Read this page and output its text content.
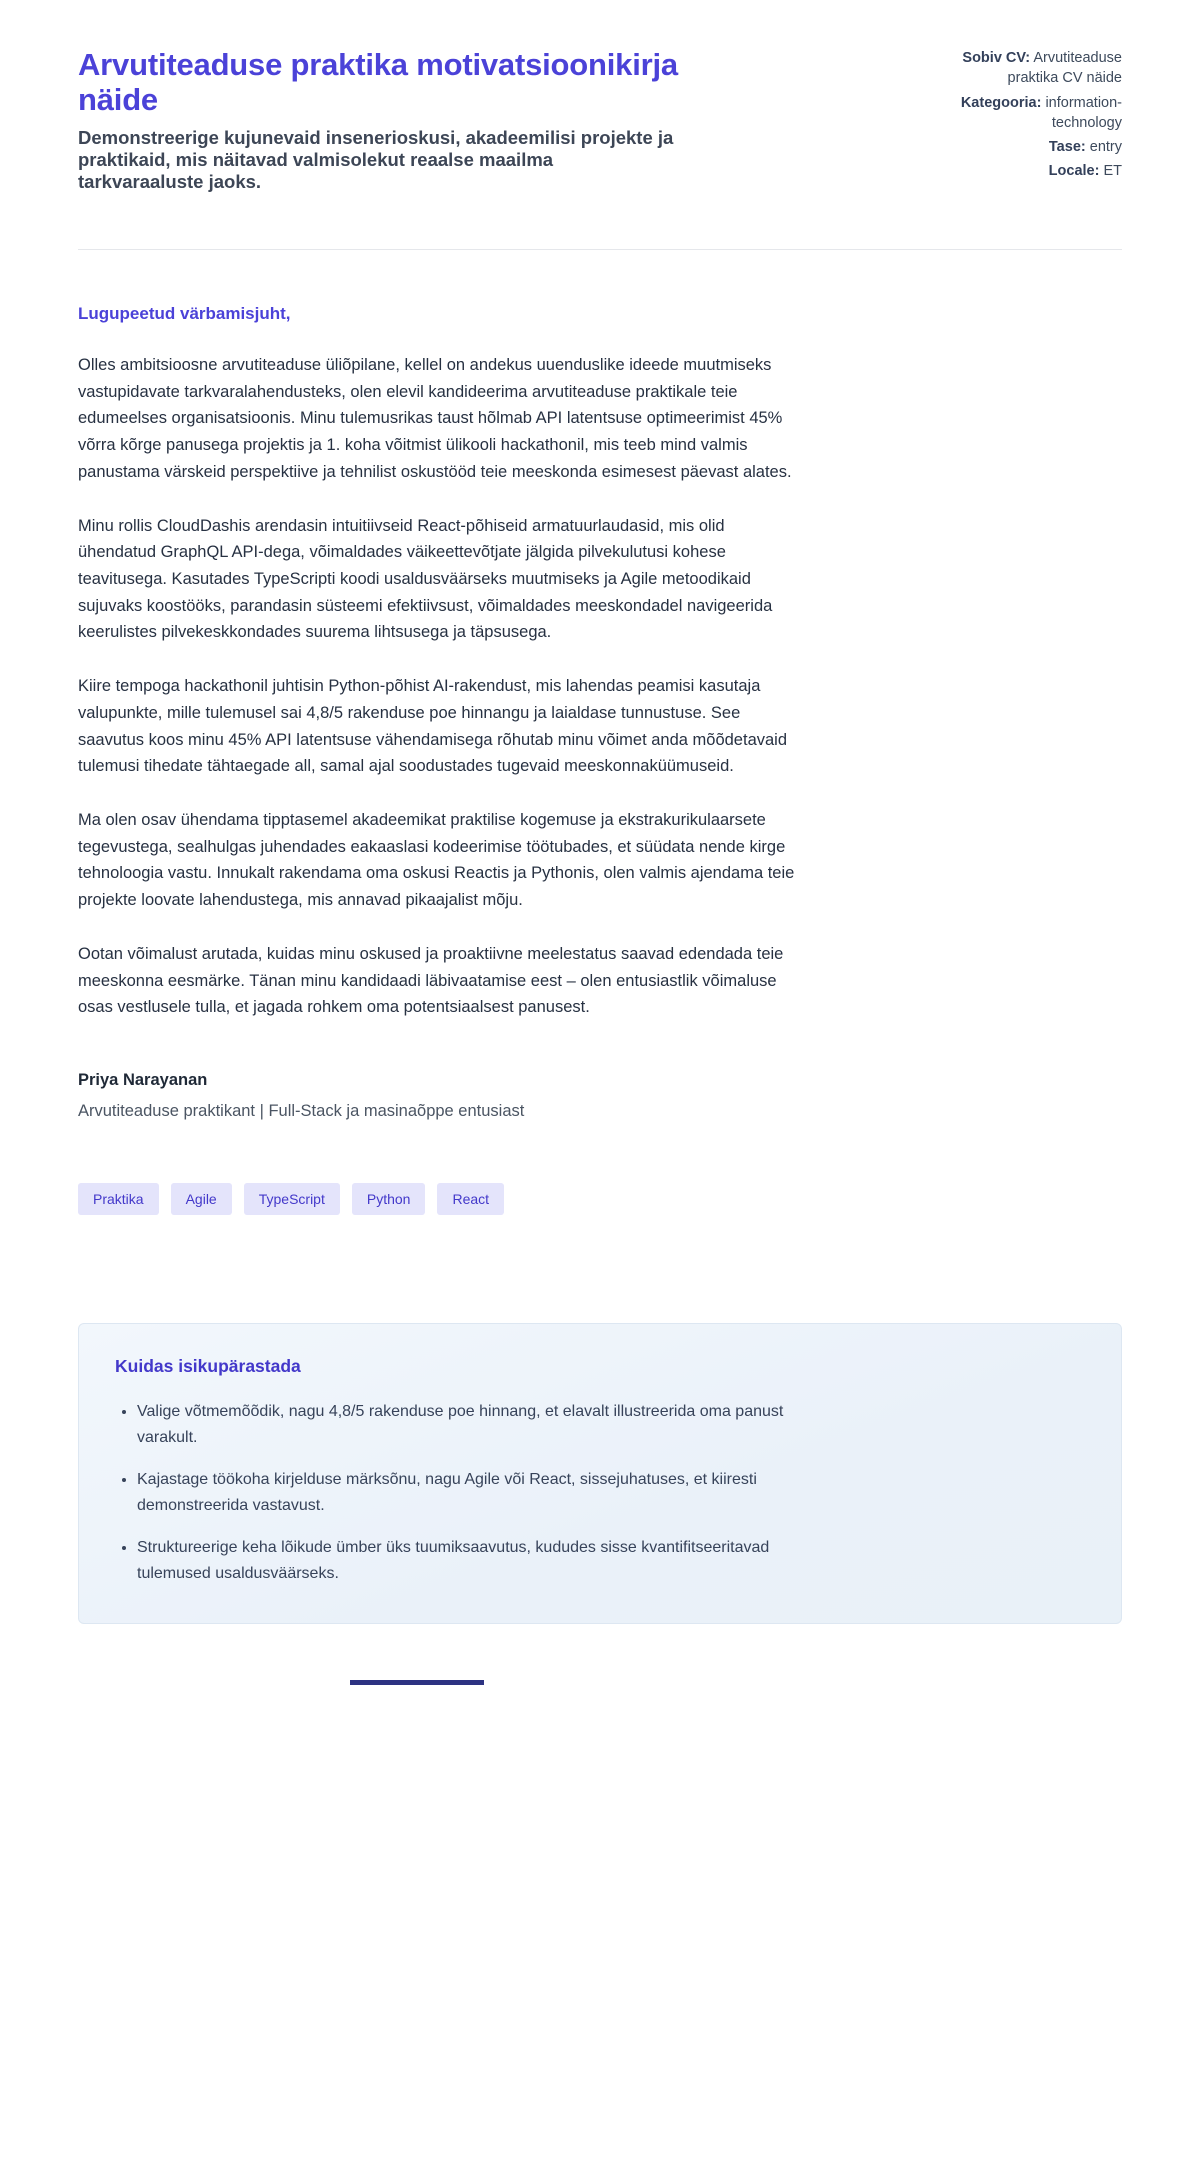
Arvutiteaduse praktika motivatsioonikirja näide

Demonstreerige kujunevaid insenerioskusi, akadeemilisi projekte ja praktikaid, mis näitavad valmisolekut reaalse maailma tarkvaraaluste jaoks.

Sobiv CV: Arvutiteaduse praktika CV näide
Kategooria: information-technology
Tase: entry
Locale: ET

Lugupeetud värbamisjuht,

Olles ambitsioosne arvutiteaduse üliõpilane, kellel on andekus uuenduslike ideede muutmiseks vastupidavate tarkvaralahendusteks, olen elevil kandideerima arvutiteaduse praktikale teie edumeelses organisatsioonis. Minu tulemusrikas taust hõlmab API latentsuse optimeerimist 45% võrra kõrge panusega projektis ja 1. koha võitmist ülikooli hackathonil, mis teeb mind valmis panustama värskeid perspektiive ja tehnilist oskustööd teie meeskonda esimesest päevast alates.

Minu rollis CloudDashis arendasin intuitiivseid React-põhiseid armatuurlaudasid, mis olid ühendatud GraphQL API-dega, võimaldades väikeettevõtjate jälgida pilvekulutusi kohese teavitusega. Kasutades TypeScripti koodi usaldusväärseks muutmiseks ja Agile metoodikaid sujuvaks koostööks, parandasin süsteemi efektiivsust, võimaldades meeskondadel navigeerida keerulistes pilvekeskkondades suurema lihtsusega ja täpsusega.

Kiire tempoga hackathonil juhtisin Python-põhist AI-rakendust, mis lahendas peamisi kasutaja valupunkte, mille tulemusel sai 4,8/5 rakenduse poe hinnangu ja laialdase tunnustuse. See saavutus koos minu 45% API latentsuse vähendamisega rõhutab minu võimet anda mõõdetavaid tulemusi tihedate tähtaegade all, samal ajal soodustades tugevaid meeskonnaküümuseid.

Ma olen osav ühendama tipptasemel akadeemikat praktilise kogemuse ja ekstrakurikulaarsete tegevustega, sealhulgas juhendades eakaaslasi kodeerimise töötubades, et süüdata nende kirge tehnoloogia vastu. Innukalt rakendama oma oskusi Reactis ja Pythonis, olen valmis ajendama teie projekte loovate lahendustega, mis annavad pikaajalist mõju.

Ootan võimalust arutada, kuidas minu oskused ja proaktiivne meelestatus saavad edendada teie meeskonna eesmärke. Tänan minu kandidaadi läbivaatamise eest – olen entusiastlik võimaluse osas vestlusele tulla, et jagada rohkem oma potentsiaalsest panusest.

Priya Narayanan

Arvutiteaduse praktikant | Full-Stack ja masinaõppe entusiast

Praktika	Agile	TypeScript	Python	React
Kuidas isikupärastada
• Valige võtmemõõdik, nagu 4,8/5 rakenduse poe hinnang, et elavalt illustreerida oma panust varakult.
• Kajastage töökoha kirjelduse märksõnu, nagu Agile või React, sissejuhatuses, et kiiresti demonstreerida vastavust.
• Struktureerige keha lõikude ümber üks tuumiksaavutus, kududes sisse kvantifitseeritavad tulemused usaldusväärseks.
